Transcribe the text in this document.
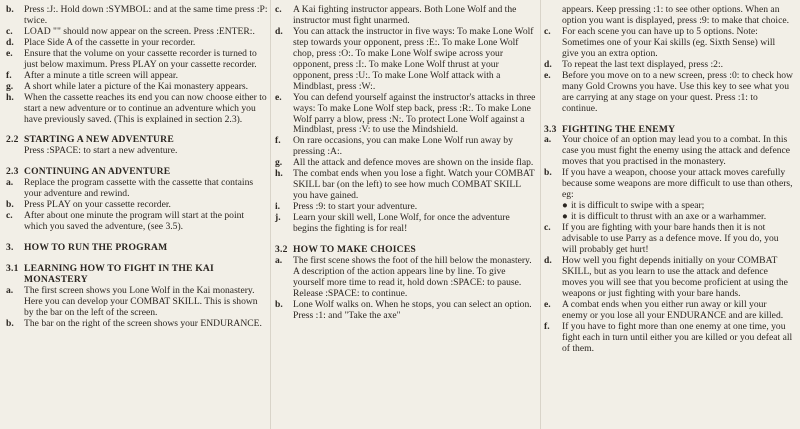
b.	Press :J:. Hold down :SYMBOL: and at the same time press :P: twice.
c.	LOAD "" should now appear on the screen. Press :ENTER:.
d.	Place Side A of the cassette in your recorder.
e.	Ensure that the volume on your cassette recorder is turned to just below maximum. Press PLAY on your cassette recorder.
f.	After a minute a title screen will appear.
g.	A short while later a picture of the Kai monastery appears.
h.	When the cassette reaches its end you can now choose either to start a new adventure or to continue an adventure which you have previously saved. (This is explained in section 2.3).
2.2 STARTING A NEW ADVENTURE
Press :SPACE: to start a new adventure.
2.3 CONTINUING AN ADVENTURE
a.	Replace the program cassette with the cassette that contains your adventure and rewind.
b.	Press PLAY on your cassette recorder.
c.	After about one minute the program will start at the point which you saved the adventure, (see 3.5).
3.	HOW TO RUN THE PROGRAM
3.1 LEARNING HOW TO FIGHT IN THE KAI MONASTERY
a.	The first screen shows you Lone Wolf in the Kai monastery. Here you can develop your COMBAT SKILL. This is shown by the bar on the left of the screen.
b.	The bar on the right of the screen shows your ENDURANCE.
c.	A Kai fighting instructor appears. Both Lone Wolf and the instructor must fight unarmed.
d.	You can attack the instructor in five ways: To make Lone Wolf step towards your opponent, press :E:. To make Lone Wolf chop, press :O:. To make Lone Wolf swipe across your opponent, press :I:. To make Lone Wolf thrust at your opponent, press :U:. To make Lone Wolf attack with a Mindblast, press :W:.
e.	You can defend yourself against the instructor's attacks in three ways: To make Lone Wolf step back, press :R:. To make Lone Wolf parry a blow, press :N:. To protect Lone Wolf against a Mindblast, press :V: to use the Mindshield.
f.	On rare occasions, you can make Lone Wolf run away by pressing :A:.
g.	All the attack and defence moves are shown on the inside flap.
h.	The combat ends when you lose a fight. Watch your COMBAT SKILL bar (on the left) to see how much COMBAT SKILL you have gained.
i.	Press :9: to start your adventure.
j.	Learn your skill well, Lone Wolf, for once the adventure begins the fighting is for real!
3.2 HOW TO MAKE CHOICES
a.	The first scene shows the foot of the hill below the monastery. A description of the action appears line by line. To give yourself more time to read it, hold down :SPACE: to pause. Release :SPACE: to continue.
b.	Lone Wolf walks on. When he stops, you can select an option. Press :1: and "Take the axe"
appears. Keep pressing :1: to see other options. When an option you want is displayed, press :9: to make that choice.
c.	For each scene you can have up to 5 options. Note: Sometimes one of your Kai skills (eg. Sixth Sense) will give you an extra option.
d.	To repeat the last text displayed, press :2:.
e.	Before you move on to a new screen, press :0: to check how many Gold Crowns you have. Use this key to see what you are carrying at any stage on your quest. Press :1: to continue.
3.3 FIGHTING THE ENEMY
a.	Your choice of an option may lead you to a combat. In this case you must fight the enemy using the attack and defence moves that you practised in the monastery.
b.	If you have a weapon, choose your attack moves carefully because some weapons are more difficult to use than others, eg:
● it is difficult to swipe with a spear;
● it is difficult to thrust with an axe or a warhammer.
c.	If you are fighting with your bare hands then it is not advisable to use Parry as a defence move. If you do, you will probably get hurt!
d.	How well you fight depends initially on your COMBAT SKILL, but as you learn to use the attack and defence moves you will see that you become proficient at using the weapons or just fighting with your bare hands.
e.	A combat ends when you either run away or kill your enemy or you lose all your ENDURANCE and are killed.
f.	If you have to fight more than one enemy at one time, you fight each in turn until either you are killed or you defeat all of them.
